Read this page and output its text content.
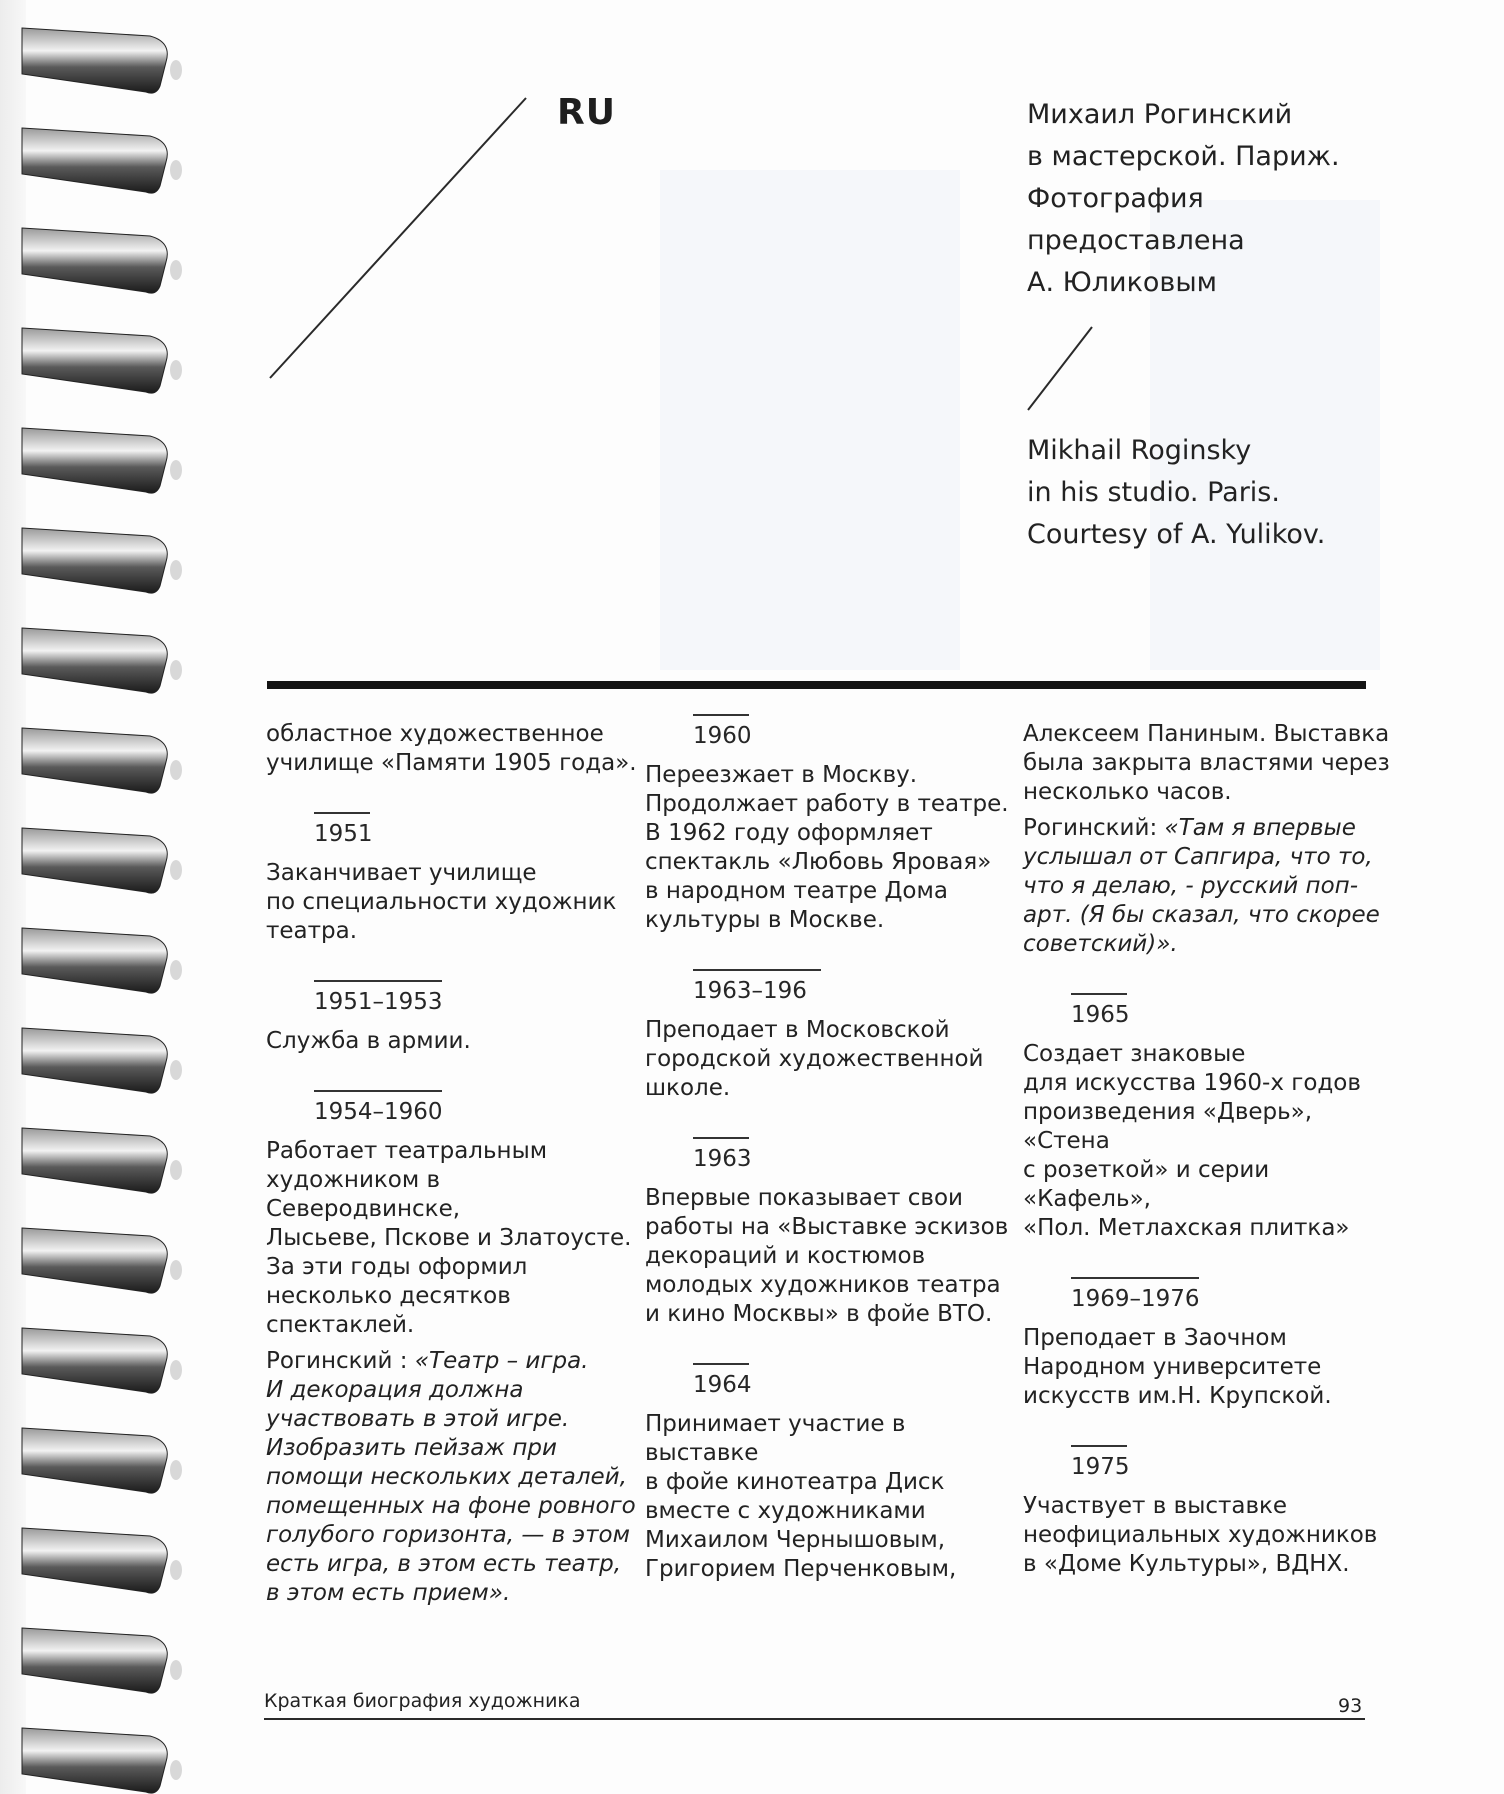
RU	Михаил Рогинский
в мастерской. Париж.
Фотография
предоставлена
А. Юликовым
Mikhail Roginsky
in his studio. Paris.
Courtesy of A. Yulikov.

областное художественное
училище «Памяти 1905 года».

1951

Заканчивает училище
по специальности художник
театра.

1951–1953

Служба в армии.

1954–1960

Работает театральным
художником в Северодвинске,
Лысьеве, Пскове и Златоусте.
За эти годы оформил
несколько десятков
спектаклей.

Рогинский : «Театр – игра.
И декорация должна
участвовать в этой игре.
Изобразить пейзаж при
помощи нескольких деталей,
помещенных на фоне ровного
голубого горизонта, — в этом
есть игра, в этом есть театр,
в этом есть прием».

1960

Переезжает в Москву.
Продолжает работу в театре.
В 1962 году оформляет
спектакль «Любовь Яровая»
в народном театре Дома
культуры в Москве.

1963–196

Преподает в Московской
городской художественной
школе.

1963

Впервые показывает свои
работы на «Выставке эскизов
декораций и костюмов
молодых художников театра
и кино Москвы» в фойе ВТО.

1964

Принимает участие в выставке
в фойе кинотеатра Диск
вместе с художниками
Михаилом Чернышовым,
Григорием Перченковым,

Алексеем Паниным. Выставка
была закрыта властями через
несколько часов.

Рогинский: «Там я впервые
услышал от Сапгира, что то,
что я делаю, - русский поп-
арт. (Я бы сказал, что скорее
советский)».

1965

Создает знаковые
для искусства 1960-х годов
произведения «Дверь», «Стена
с розеткой» и серии «Кафель»,
«Пол. Метлахская плитка»

1969–1976

Преподает в Заочном
Народном университете
искусств им.Н. Крупской.

1975

Участвует в выставке
неофициальных художников
в «Доме Культуры», ВДНХ.

Краткая биография художника	93
